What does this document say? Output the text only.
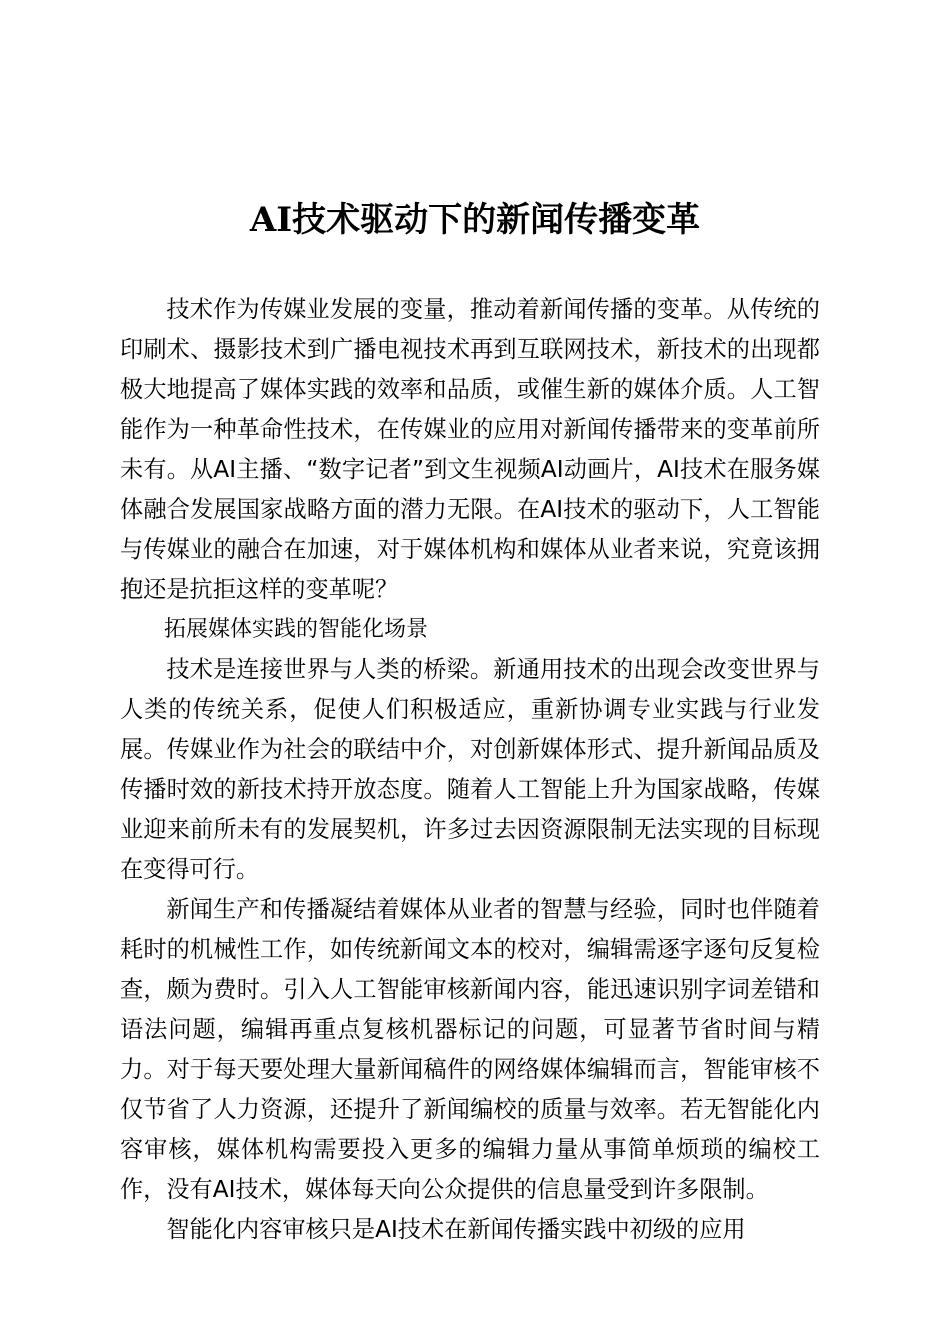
AI技术驱动下的新闻传播变革

技术作为传媒业发展的变量，推动着新闻传播的变革。从传统的印刷术、摄影技术到广播电视技术再到互联网技术，新技术的出现都极大地提高了媒体实践的效率和品质，或催生新的媒体介质。人工智能作为一种革命性技术，在传媒业的应用对新闻传播带来的变革前所未有。从AI主播、“数字记者”到文生视频AI动画片，AI技术在服务媒体融合发展国家战略方面的潜力无限。在AI技术的驱动下，人工智能与传媒业的融合在加速，对于媒体机构和媒体从业者来说，究竟该拥抱还是抗拒这样的变革呢？

拓展媒体实践的智能化场景

技术是连接世界与人类的桥梁。新通用技术的出现会改变世界与人类的传统关系，促使人们积极适应，重新协调专业实践与行业发展。传媒业作为社会的联结中介，对创新媒体形式、提升新闻品质及传播时效的新技术持开放态度。随着人工智能上升为国家战略，传媒业迎来前所未有的发展契机，许多过去因资源限制无法实现的目标现在变得可行。

新闻生产和传播凝结着媒体从业者的智慧与经验，同时也伴随着耗时的机械性工作，如传统新闻文本的校对，编辑需逐字逐句反复检查，颇为费时。引入人工智能审核新闻内容，能迅速识别字词差错和语法问题，编辑再重点复核机器标记的问题，可显著节省时间与精力。对于每天要处理大量新闻稿件的网络媒体编辑而言，智能审核不仅节省了人力资源，还提升了新闻编校的质量与效率。若无智能化内容审核，媒体机构需要投入更多的编辑力量从事简单烦琐的编校工作，没有AI技术，媒体每天向公众提供的信息量受到许多限制。

智能化内容审核只是AI技术在新闻传播实践中初级的应用
